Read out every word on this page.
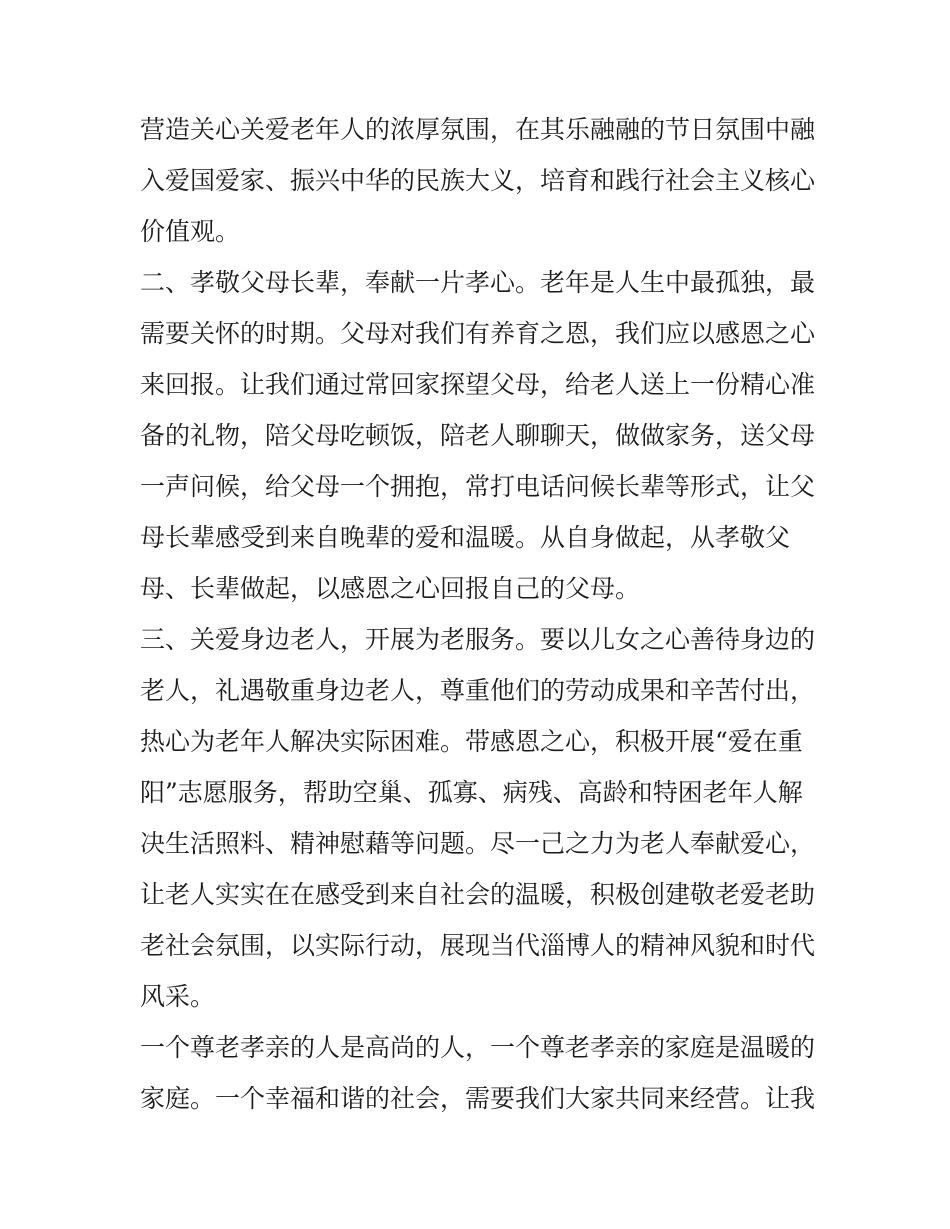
营造关心关爱老年人的浓厚氛围，在其乐融融的节日氛围中融
入爱国爱家、振兴中华的民族大义，培育和践行社会主义核心
价值观。
二、孝敬父母长辈，奉献一片孝心。老年是人生中最孤独，最
需要关怀的时期。父母对我们有养育之恩，我们应以感恩之心
来回报。让我们通过常回家探望父母，给老人送上一份精心准
备的礼物，陪父母吃顿饭，陪老人聊聊天，做做家务，送父母
一声问候，给父母一个拥抱，常打电话问候长辈等形式，让父
母长辈感受到来自晚辈的爱和温暖。从自身做起，从孝敬父
母、长辈做起，以感恩之心回报自己的父母。
三、关爱身边老人，开展为老服务。要以儿女之心善待身边的
老人，礼遇敬重身边老人，尊重他们的劳动成果和辛苦付出，
热心为老年人解决实际困难。带感恩之心，积极开展“爱在重
阳”志愿服务，帮助空巢、孤寡、病残、高龄和特困老年人解
决生活照料、精神慰藉等问题。尽一己之力为老人奉献爱心，
让老人实实在在感受到来自社会的温暖，积极创建敬老爱老助
老社会氛围，以实际行动，展现当代淄博人的精神风貌和时代
风采。
一个尊老孝亲的人是高尚的人，一个尊老孝亲的家庭是温暖的
家庭。一个幸福和谐的社会，需要我们大家共同来经营。让我
